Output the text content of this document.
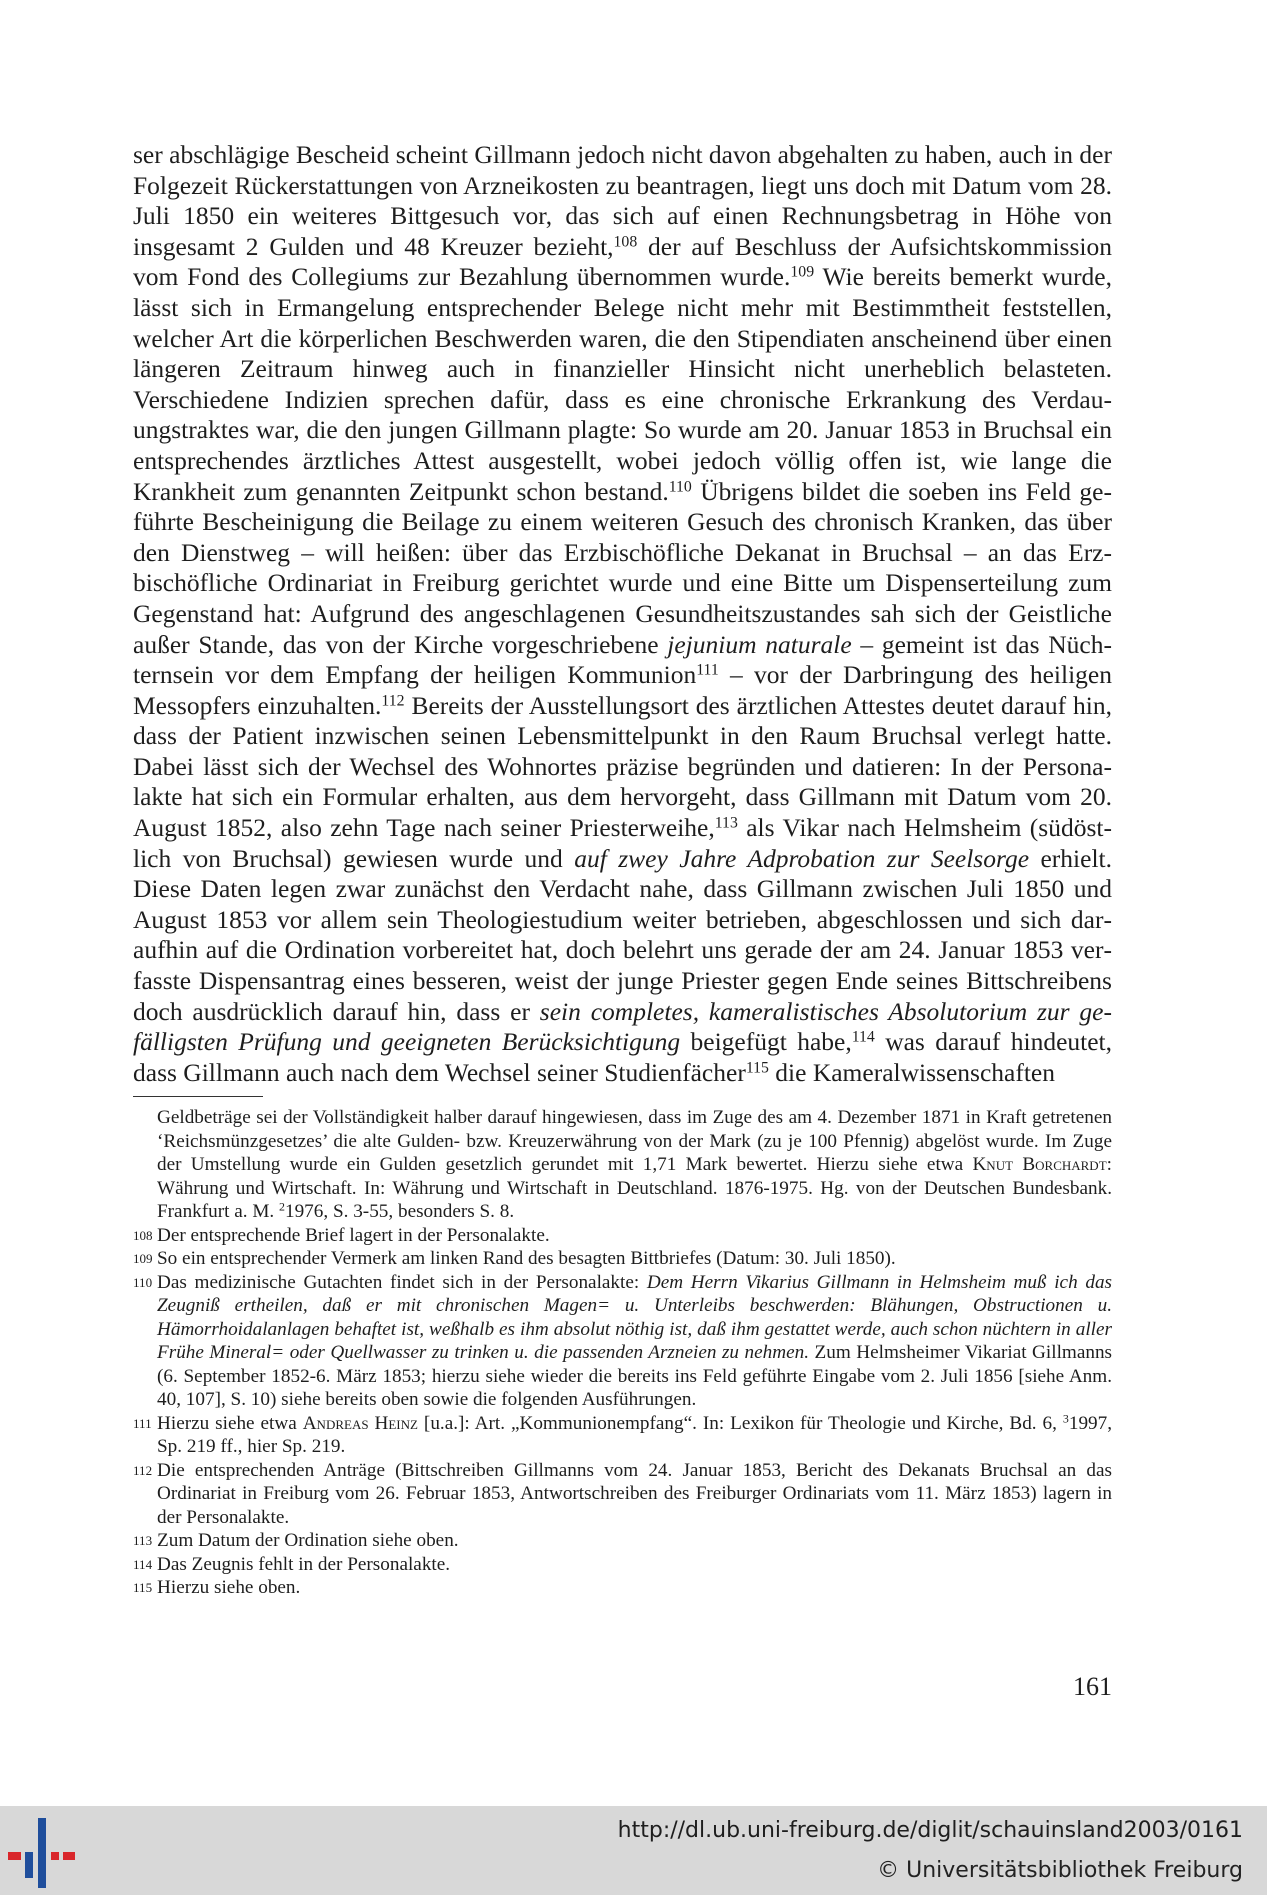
ser abschlägige Bescheid scheint Gillmann jedoch nicht davon abgehalten zu haben, auch in der Folgezeit Rückerstattungen von Arzneikosten zu beantragen, liegt uns doch mit Datum vom 28. Juli 1850 ein weiteres Bittgesuch vor, das sich auf einen Rechnungsbetrag in Höhe von insgesamt 2 Gulden und 48 Kreuzer bezieht,$^{108}$ der auf Beschluss der Aufsichtskommission vom Fond des Collegiums zur Bezahlung übernommen wurde.$^{109}$ Wie bereits bemerkt wurde, lässt sich in Ermangelung entsprechender Belege nicht mehr mit Bestimmtheit feststellen, welcher Art die körperlichen Beschwerden waren, die den Stipendiaten anscheinend über einen längeren Zeitraum hinweg auch in finanzieller Hinsicht nicht unerheblich belasteten. Verschiedene Indizien sprechen dafür, dass es eine chronische Erkrankung des Verdauungstraktes war, die den jungen Gillmann plagte: So wurde am 20. Januar 1853 in Bruchsal ein entsprechendes ärztliches Attest ausgestellt, wobei jedoch völlig offen ist, wie lange die Krankheit zum genannten Zeitpunkt schon bestand.$^{110}$ Übrigens bildet die soeben ins Feld geführte Bescheinigung die Beilage zu einem weiteren Gesuch des chronisch Kranken, das über den Dienstweg – will heißen: über das Erzbischöfliche Dekanat in Bruchsal – an das Erzbischöfliche Ordinariat in Freiburg gerichtet wurde und eine Bitte um Dispenserteilung zum Gegenstand hat: Aufgrund des angeschlagenen Gesundheitszustandes sah sich der Geistliche außer Stande, das von der Kirche vorgeschriebene jejunium naturale – gemeint ist das Nüchternsein vor dem Empfang der heiligen Kommunion$^{111}$ – vor der Darbringung des heiligen Messopfers einzuhalten.$^{112}$ Bereits der Ausstellungsort des ärztlichen Attestes deutet darauf hin, dass der Patient inzwischen seinen Lebensmittelpunkt in den Raum Bruchsal verlegt hatte. Dabei lässt sich der Wechsel des Wohnortes präzise begründen und datieren: In der Personalakte hat sich ein Formular erhalten, aus dem hervorgeht, dass Gillmann mit Datum vom 20. August 1852, also zehn Tage nach seiner Priesterweihe,$^{113}$ als Vikar nach Helmsheim (südöstlich von Bruchsal) gewiesen wurde und auf zwey Jahre Adprobation zur Seelsorge erhielt. Diese Daten legen zwar zunächst den Verdacht nahe, dass Gillmann zwischen Juli 1850 und August 1853 vor allem sein Theologiestudium weiter betrieben, abgeschlossen und sich daraufhin auf die Ordination vorbereitet hat, doch belehrt uns gerade der am 24. Januar 1853 verfasste Dispensantrag eines besseren, weist der junge Priester gegen Ende seines Bittschreibens doch ausdrücklich darauf hin, dass er sein completes, kameralistisches Absolutorium zur gefälligsten Prüfung und geeigneten Berücksichtigung beigefügt habe,$^{114}$ was darauf hindeutet, dass Gillmann auch nach dem Wechsel seiner Studienfächer$^{115}$ die Kameralwissenschaften

Geldbeträge sei der Vollständigkeit halber darauf hingewiesen, dass im Zuge des am 4. Dezember 1871 in Kraft getretenen ‘Reichsmünzgesetzes’ die alte Gulden- bzw. Kreuzerwährung von der Mark (zu je 100 Pfennig) abgelöst wurde. Im Zuge der Umstellung wurde ein Gulden gesetzlich gerundet mit 1,71 Mark bewertet. Hierzu siehe etwa Knut Borchardt: Währung und Wirtschaft. In: Währung und Wirtschaft in Deutschland. 1876-1975. Hg. von der Deutschen Bundesbank. Frankfurt a. M. $^2$1976, S. 3-55, besonders S. 8.

108 Der entsprechende Brief lagert in der Personalakte.

109 So ein entsprechender Vermerk am linken Rand des besagten Bittbriefes (Datum: 30. Juli 1850).

110 Das medizinische Gutachten findet sich in der Personalakte: Dem Herrn Vikarius Gillmann in Helmsheim muß ich das Zeugniß ertheilen, daß er mit chronischen Magen= u. Unterleibs beschwerden: Blähungen, Obstructionen u. Hämorrhoidalanlagen behaftet ist, weßhalb es ihm absolut nöthig ist, daß ihm gestattet werde, auch schon nüchtern in aller Frühe Mineral= oder Quellwasser zu trinken u. die passenden Arzneien zu nehmen. Zum Helmsheimer Vikariat Gillmanns (6. September 1852-6. März 1853; hierzu siehe wieder die bereits ins Feld geführte Eingabe vom 2. Juli 1856 [siehe Anm. 40, 107], S. 10) siehe bereits oben sowie die folgenden Ausführungen.

111 Hierzu siehe etwa Andreas Heinz [u.a.]: Art. „Kommunionempfang“. In: Lexikon für Theologie und Kirche, Bd. 6, $^3$1997, Sp. 219 ff., hier Sp. 219.

112 Die entsprechenden Anträge (Bittschreiben Gillmanns vom 24. Januar 1853, Bericht des Dekanats Bruchsal an das Ordinariat in Freiburg vom 26. Februar 1853, Antwortschreiben des Freiburger Ordinariats vom 11. März 1853) lagern in der Personalakte.

113 Zum Datum der Ordination siehe oben.

114 Das Zeugnis fehlt in der Personalakte.

115 Hierzu siehe oben.

161
http://dl.ub.uni-freiburg.de/diglit/schauinsland2003/0161
© Universitätsbibliothek Freiburg
